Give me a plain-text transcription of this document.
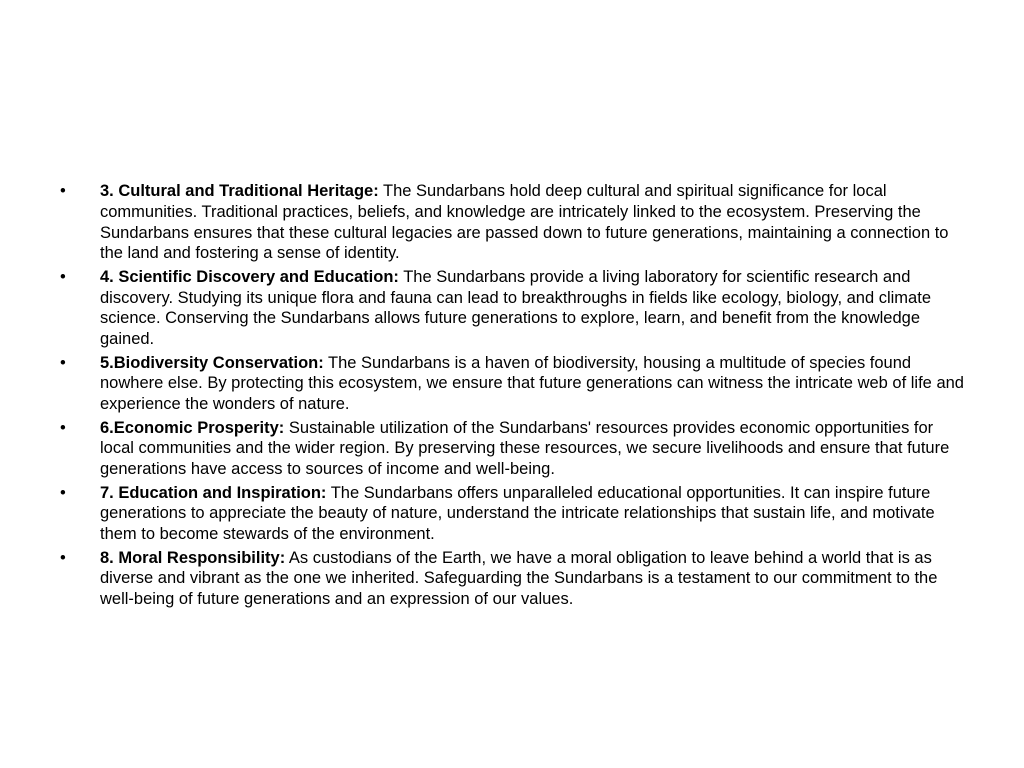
• 3. Cultural and Traditional Heritage: The Sundarbans hold deep cultural and spiritual significance for local communities. Traditional practices, beliefs, and knowledge are intricately linked to the ecosystem. Preserving the Sundarbans ensures that these cultural legacies are passed down to future generations, maintaining a connection to the land and fostering a sense of identity.
• 4. Scientific Discovery and Education: The Sundarbans provide a living laboratory for scientific research and discovery. Studying its unique flora and fauna can lead to breakthroughs in fields like ecology, biology, and climate science. Conserving the Sundarbans allows future generations to explore, learn, and benefit from the knowledge gained.
• 5.Biodiversity Conservation: The Sundarbans is a haven of biodiversity, housing a multitude of species found nowhere else. By protecting this ecosystem, we ensure that future generations can witness the intricate web of life and experience the wonders of nature.
• 6.Economic Prosperity: Sustainable utilization of the Sundarbans' resources provides economic opportunities for local communities and the wider region. By preserving these resources, we secure livelihoods and ensure that future generations have access to sources of income and well-being.
• 7. Education and Inspiration: The Sundarbans offers unparalleled educational opportunities. It can inspire future generations to appreciate the beauty of nature, understand the intricate relationships that sustain life, and motivate them to become stewards of the environment.
• 8. Moral Responsibility: As custodians of the Earth, we have a moral obligation to leave behind a world that is as diverse and vibrant as the one we inherited. Safeguarding the Sundarbans is a testament to our commitment to the well-being of future generations and an expression of our values.
